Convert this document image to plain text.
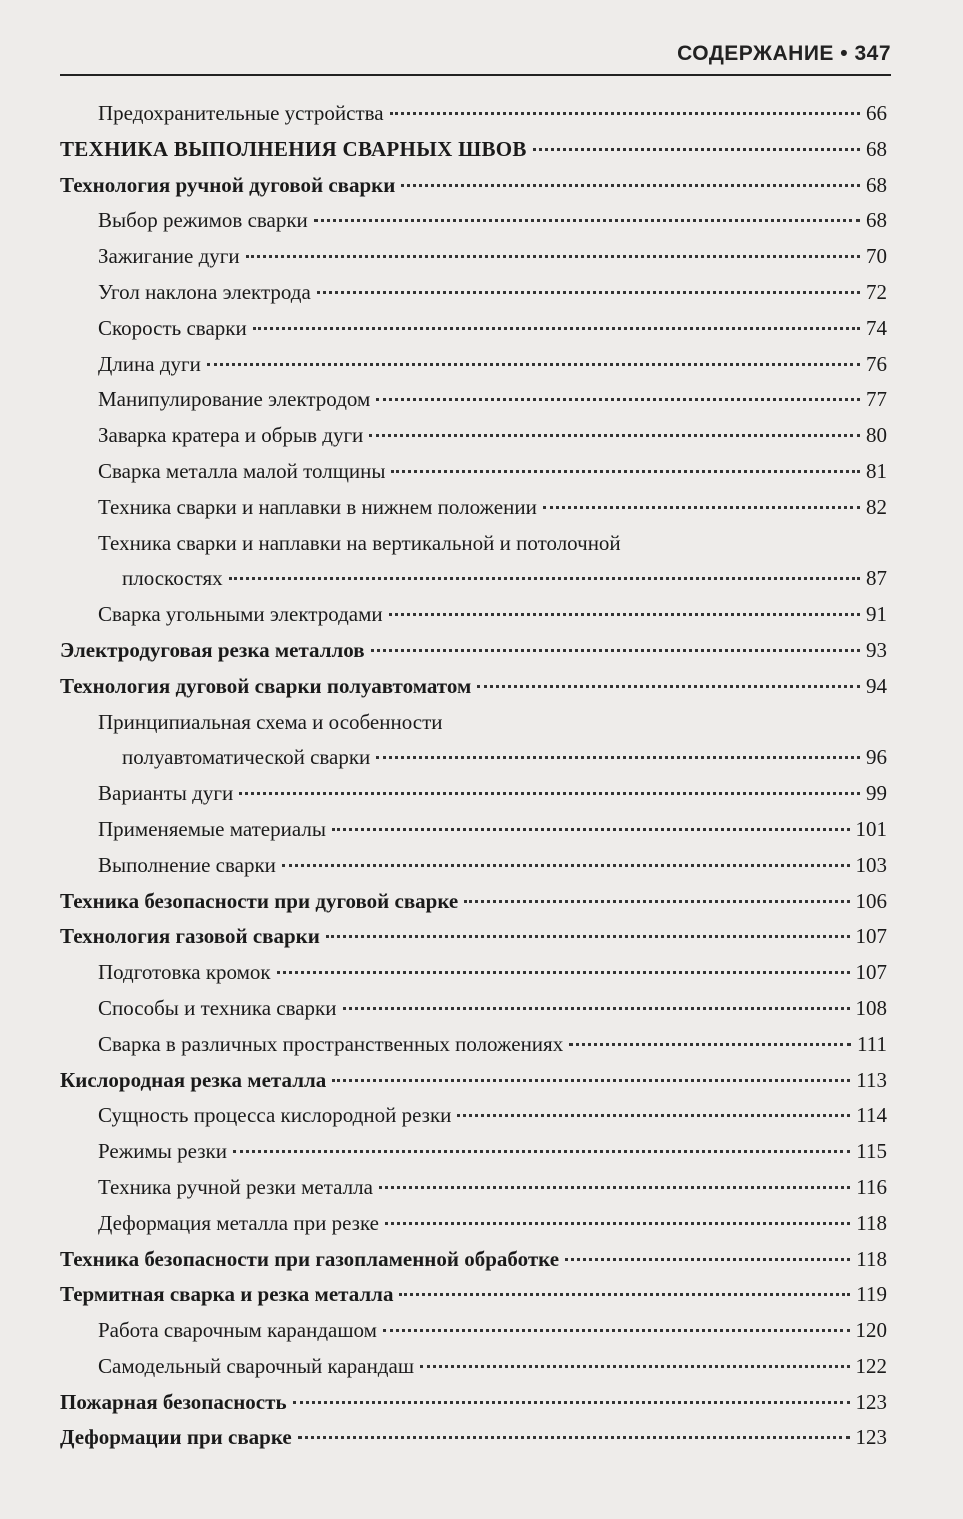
СОДЕРЖАНИЕ • 347
Предохранительные устройства	66
ТЕХНИКА ВЫПОЛНЕНИЯ СВАРНЫХ ШВОВ	68
Технология ручной дуговой сварки	68
Выбор режимов сварки	68
Зажигание дуги	70
Угол наклона электрода	72
Скорость сварки	74
Длина дуги	76
Манипулирование электродом	77
Заварка кратера и обрыв дуги	80
Сварка металла малой толщины	81
Техника сварки и наплавки в нижнем положении	82
Техника сварки и наплавки на вертикальной и потолочной
плоскостях	87
Сварка угольными электродами	91
Электродуговая резка металлов	93
Технология дуговой сварки полуавтоматом	94
Принципиальная схема и особенности
полуавтоматической сварки	96
Варианты дуги	99
Применяемые материалы	101
Выполнение сварки	103
Техника безопасности при дуговой сварке	106
Технология газовой сварки	107
Подготовка кромок	107
Способы и техника сварки	108
Сварка в различных пространственных положениях	111
Кислородная резка металла	113
Сущность процесса кислородной резки	114
Режимы резки	115
Техника ручной резки металла	116
Деформация металла при резке	118
Техника безопасности при газопламенной обработке	118
Термитная сварка и резка металла	119
Работа сварочным карандашом	120
Самодельный сварочный карандаш	122
Пожарная безопасность	123
Деформации при сварке	123
